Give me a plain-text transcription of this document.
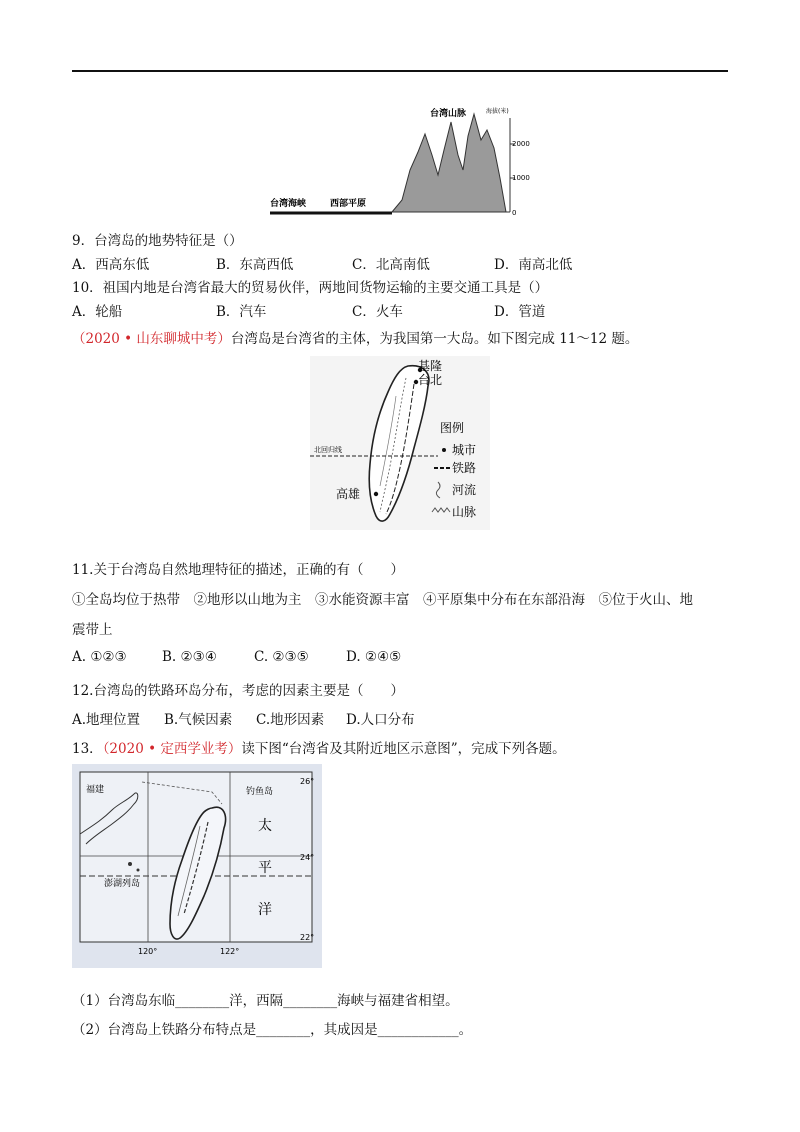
台湾山脉	海拔(米)
2000
1000
0
台湾海峡	西部平原
9．台湾岛的地势特征是（）
A．西高东低	B．东高西低	C．北高南低	D．南高北低
10．祖国内地是台湾省最大的贸易伙伴，两地间货物运输的主要交通工具是（）
A．轮船	B．汽车	C．火车	D．管道
（2020 • 山东聊城中考）台湾岛是台湾省的主体，为我国第一大岛。如下图完成 11～12 题。
基隆
台北
高雄
北回归线
图例
城市
铁路
河流
山脉
11.关于台湾岛自然地理特征的描述，正确的有（　　）
①全岛均位于热带　②地形以山地为主　③水能资源丰富　④平原集中分布在东部沿海　⑤位于火山、地
震带上
A. ①②③	B. ②③④	C. ②③⑤	D. ②④⑤
12.台湾岛的铁路环岛分布，考虑的因素主要是（　　）
A.地理位置 B.气候因素 C.地形因素 D.人口分布
13．（2020 • 定西学业考）读下图“台湾省及其附近地区示意图”，完成下列各题。
福建	钓鱼岛
太
平
洋
澎湖列岛
26°
24°
22°
120°	122°
（1）台湾岛东临________洋，西隔________海峡与福建省相望。
（2）台湾岛上铁路分布特点是________，其成因是____________。
